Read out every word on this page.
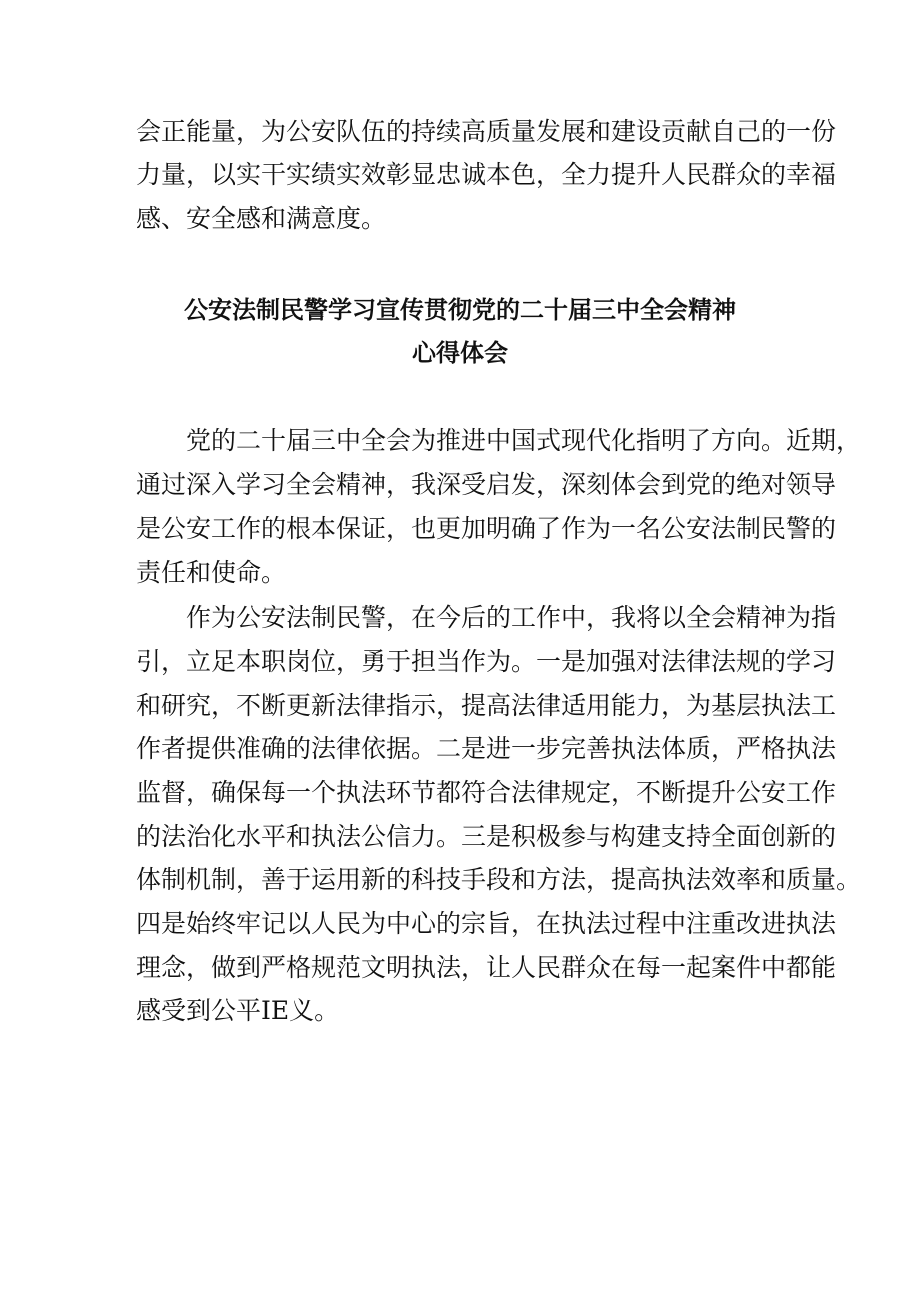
会正能量，为公安队伍的持续高质量发展和建设贡献自己的一份
力量，以实干实绩实效彰显忠诚本色，全力提升人民群众的幸福
感、安全感和满意度。
公安法制民警学习宣传贯彻党的二十届三中全会精神
心得体会
　　党的二十届三中全会为推进中国式现代化指明了方向。近期，
通过深入学习全会精神，我深受启发，深刻体会到党的绝对领导
是公安工作的根本保证，也更加明确了作为一名公安法制民警的
责任和使命。
　　作为公安法制民警，在今后的工作中，我将以全会精神为指
引，立足本职岗位，勇于担当作为。一是加强对法律法规的学习
和研究，不断更新法律指示，提高法律适用能力，为基层执法工
作者提供准确的法律依据。二是进一步完善执法体质，严格执法
监督，确保每一个执法环节都符合法律规定，不断提升公安工作
的法治化水平和执法公信力。三是积极参与构建支持全面创新的
体制机制，善于运用新的科技手段和方法，提高执法效率和质量。
四是始终牢记以人民为中心的宗旨，在执法过程中注重改进执法
理念，做到严格规范文明执法，让人民群众在每一起案件中都能
感受到公平IE义。
